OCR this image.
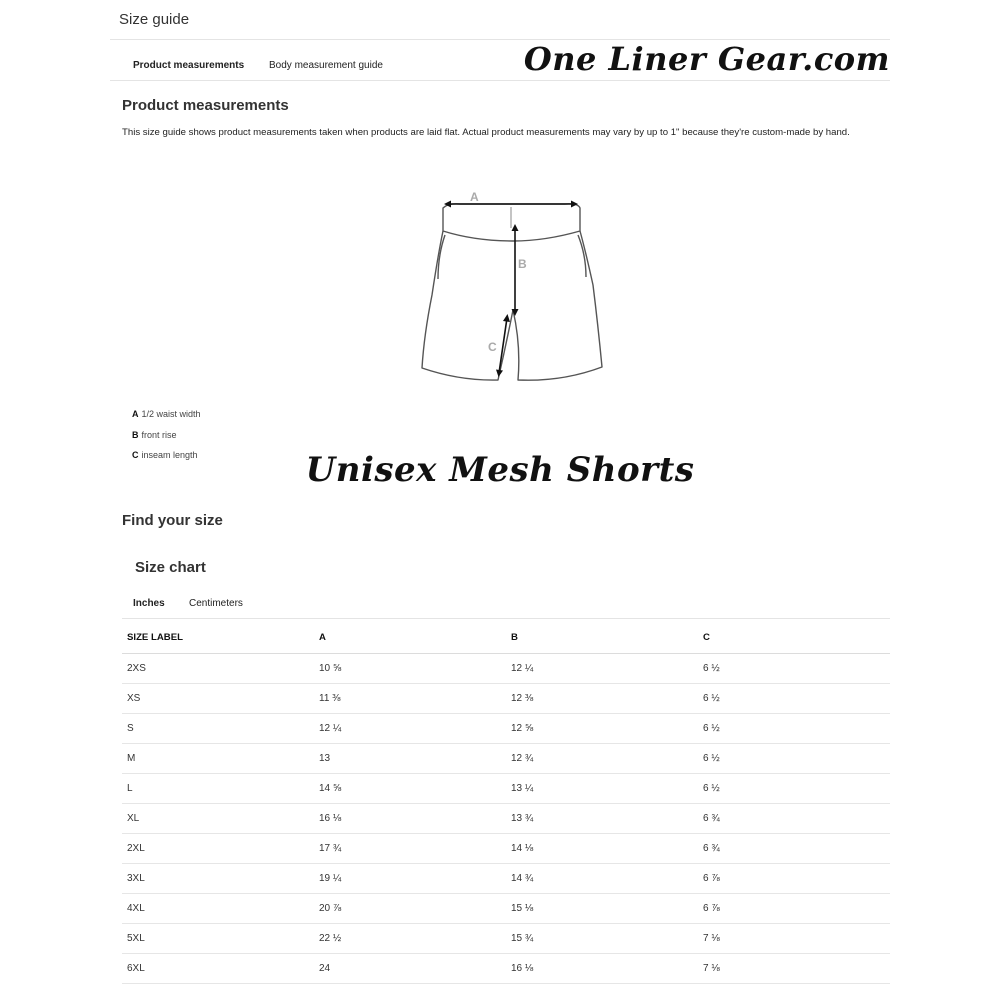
Size guide
Product measurements Body measurement guide	One Liner Gear.com
Product measurements
This size guide shows product measurements taken when products are laid flat. Actual product measurements may vary by up to 1" because they're custom-made by hand.
A
B
C
A 1/2 waist width
B front rise
C inseam length	Unisex Mesh Shorts
Find your size
Size chart
Inches Centimeters
SIZE LABEL	A	B	C
2XS	10 ⅝	12 ¼	6 ½
XS	11 ⅜	12 ⅜	6 ½
S	12 ¼	12 ⅝	6 ½
M	13	12 ¾	6 ½
L	14 ⅝	13 ¼	6 ½
XL	16 ⅛	13 ¾	6 ¾
2XL	17 ¾	14 ⅛	6 ¾
3XL	19 ¼	14 ¾	6 ⅞
4XL	20 ⅞	15 ⅛	6 ⅞
5XL	22 ½	15 ¾	7 ⅛
6XL	24	16 ⅛	7 ⅛
